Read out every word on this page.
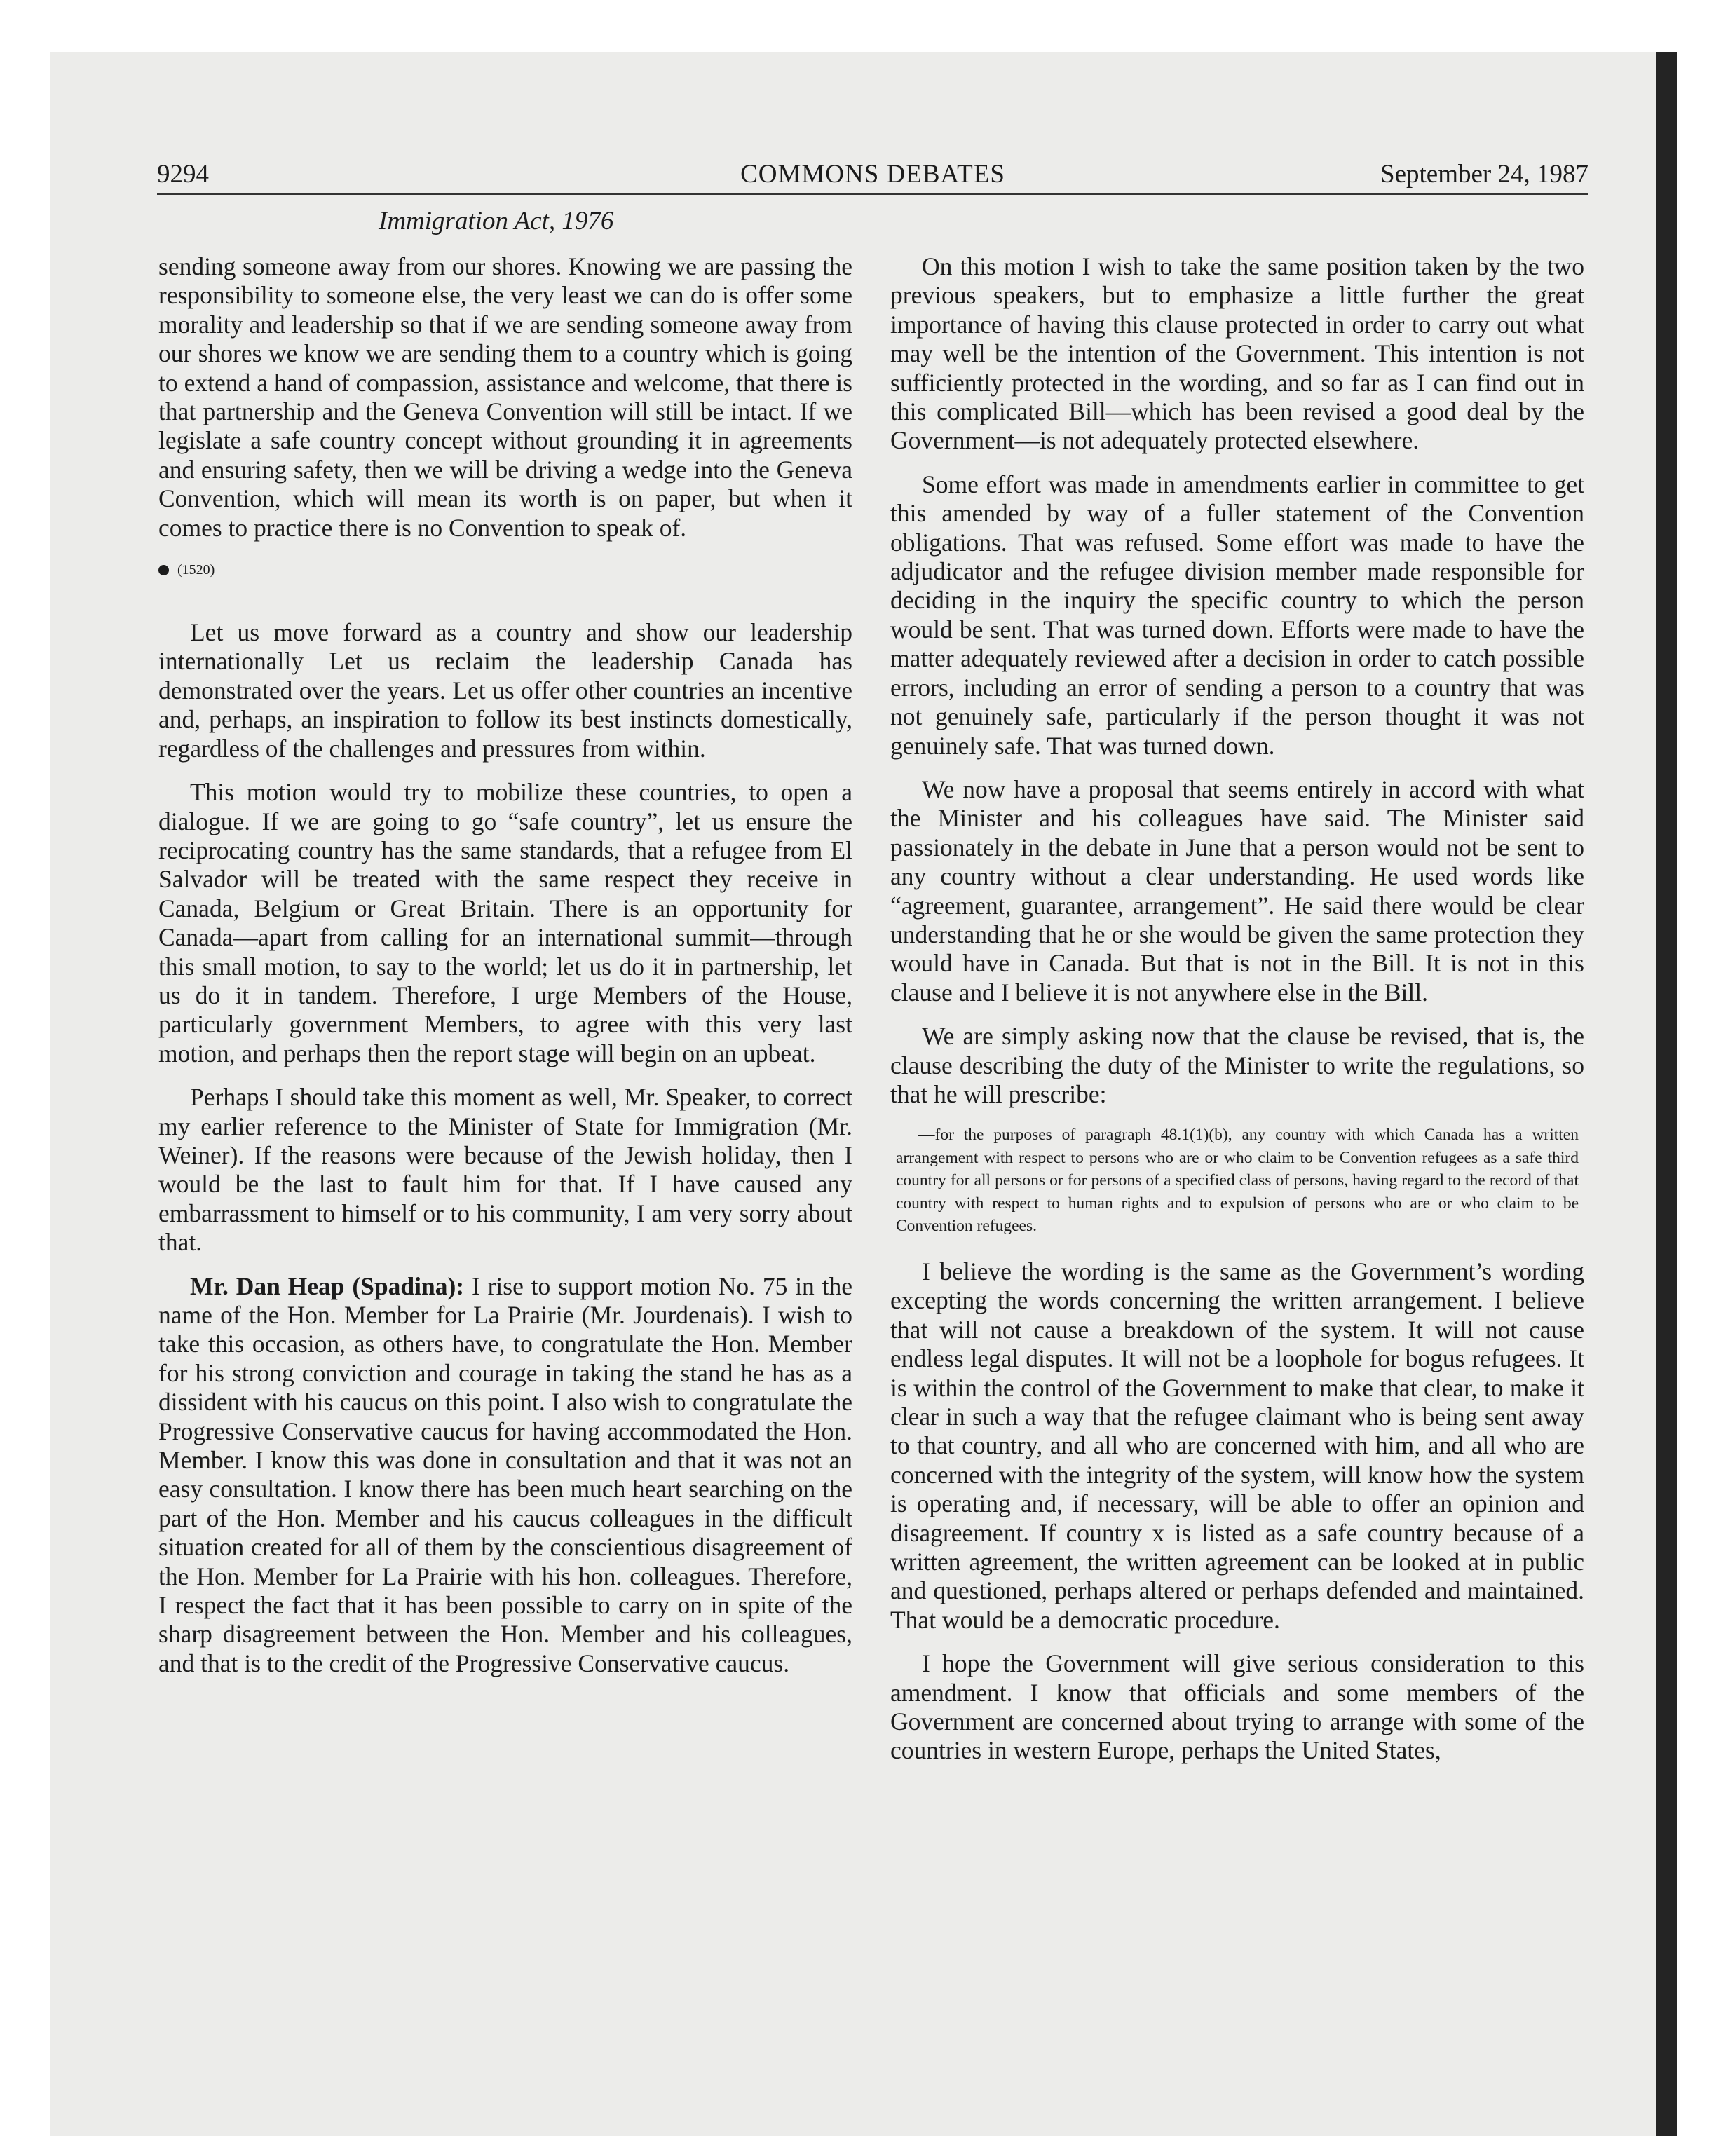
9294	COMMONS DEBATES	September 24, 1987
Immigration Act, 1976

sending someone away from our shores. Knowing we are passing the responsibility to someone else, the very least we can do is offer some morality and leadership so that if we are sending someone away from our shores we know we are sending them to a country which is going to extend a hand of compassion, assistance and welcome, that there is that partnership and the Geneva Convention will still be intact. If we legislate a safe country concept without grounding it in agreements and ensuring safety, then we will be driving a wedge into the Geneva Convention, which will mean its worth is on paper, but when it comes to practice there is no Convention to speak of.

(1520)

Let us move forward as a country and show our leadership internationally Let us reclaim the leadership Canada has demonstrated over the years. Let us offer other countries an incentive and, perhaps, an inspiration to follow its best instincts domestically, regardless of the challenges and pressures from within.

This motion would try to mobilize these countries, to open a dialogue. If we are going to go “safe country”, let us ensure the reciprocating country has the same standards, that a refugee from El Salvador will be treated with the same respect they receive in Canada, Belgium or Great Britain. There is an opportunity for Canada—apart from calling for an international summit—through this small motion, to say to the world; let us do it in partnership, let us do it in tandem. Therefore, I urge Members of the House, particularly government Members, to agree with this very last motion, and perhaps then the report stage will begin on an upbeat.

Perhaps I should take this moment as well, Mr. Speaker, to correct my earlier reference to the Minister of State for Immigration (Mr. Weiner). If the reasons were because of the Jewish holiday, then I would be the last to fault him for that. If I have caused any embarrassment to himself or to his community, I am very sorry about that.

Mr. Dan Heap (Spadina): I rise to support motion No. 75 in the name of the Hon. Member for La Prairie (Mr. Jourdenais). I wish to take this occasion, as others have, to congratulate the Hon. Member for his strong conviction and courage in taking the stand he has as a dissident with his caucus on this point. I also wish to congratulate the Progressive Conservative caucus for having accommodated the Hon. Member. I know this was done in consultation and that it was not an easy consultation. I know there has been much heart searching on the part of the Hon. Member and his caucus colleagues in the difficult situation created for all of them by the conscientious disagreement of the Hon. Member for La Prairie with his hon. colleagues. Therefore, I respect the fact that it has been possible to carry on in spite of the sharp disagreement between the Hon. Member and his colleagues, and that is to the credit of the Progressive Conservative caucus.

On this motion I wish to take the same position taken by the two previous speakers, but to emphasize a little further the great importance of having this clause protected in order to carry out what may well be the intention of the Government. This intention is not sufficiently protected in the wording, and so far as I can find out in this complicated Bill—which has been revised a good deal by the Government—is not adequately protected elsewhere.

Some effort was made in amendments earlier in committee to get this amended by way of a fuller statement of the Convention obligations. That was refused. Some effort was made to have the adjudicator and the refugee division member made responsible for deciding in the inquiry the specific country to which the person would be sent. That was turned down. Efforts were made to have the matter adequately reviewed after a decision in order to catch possible errors, including an error of sending a person to a country that was not genuinely safe, particularly if the person thought it was not genuinely safe. That was turned down.

We now have a proposal that seems entirely in accord with what the Minister and his colleagues have said. The Minister said passionately in the debate in June that a person would not be sent to any country without a clear understanding. He used words like “agreement, guarantee, arrangement”. He said there would be clear understanding that he or she would be given the same protection they would have in Canada. But that is not in the Bill. It is not in this clause and I believe it is not anywhere else in the Bill.

We are simply asking now that the clause be revised, that is, the clause describing the duty of the Minister to write the regulations, so that he will prescribe:

—for the purposes of paragraph 48.1(1)(b), any country with which Canada has a written arrangement with respect to persons who are or who claim to be Convention refugees as a safe third country for all persons or for persons of a specified class of persons, having regard to the record of that country with respect to human rights and to expulsion of persons who are or who claim to be Convention refugees.

I believe the wording is the same as the Government’s wording excepting the words concerning the written arrangement. I believe that will not cause a breakdown of the system. It will not cause endless legal disputes. It will not be a loophole for bogus refugees. It is within the control of the Government to make that clear, to make it clear in such a way that the refugee claimant who is being sent away to that country, and all who are concerned with him, and all who are concerned with the integrity of the system, will know how the system is operating and, if necessary, will be able to offer an opinion and disagreement. If country x is listed as a safe country because of a written agreement, the written agreement can be looked at in public and questioned, perhaps altered or perhaps defended and maintained. That would be a democratic procedure.

I hope the Government will give serious consideration to this amendment. I know that officials and some members of the Government are concerned about trying to arrange with some of the countries in western Europe, perhaps the United States,
